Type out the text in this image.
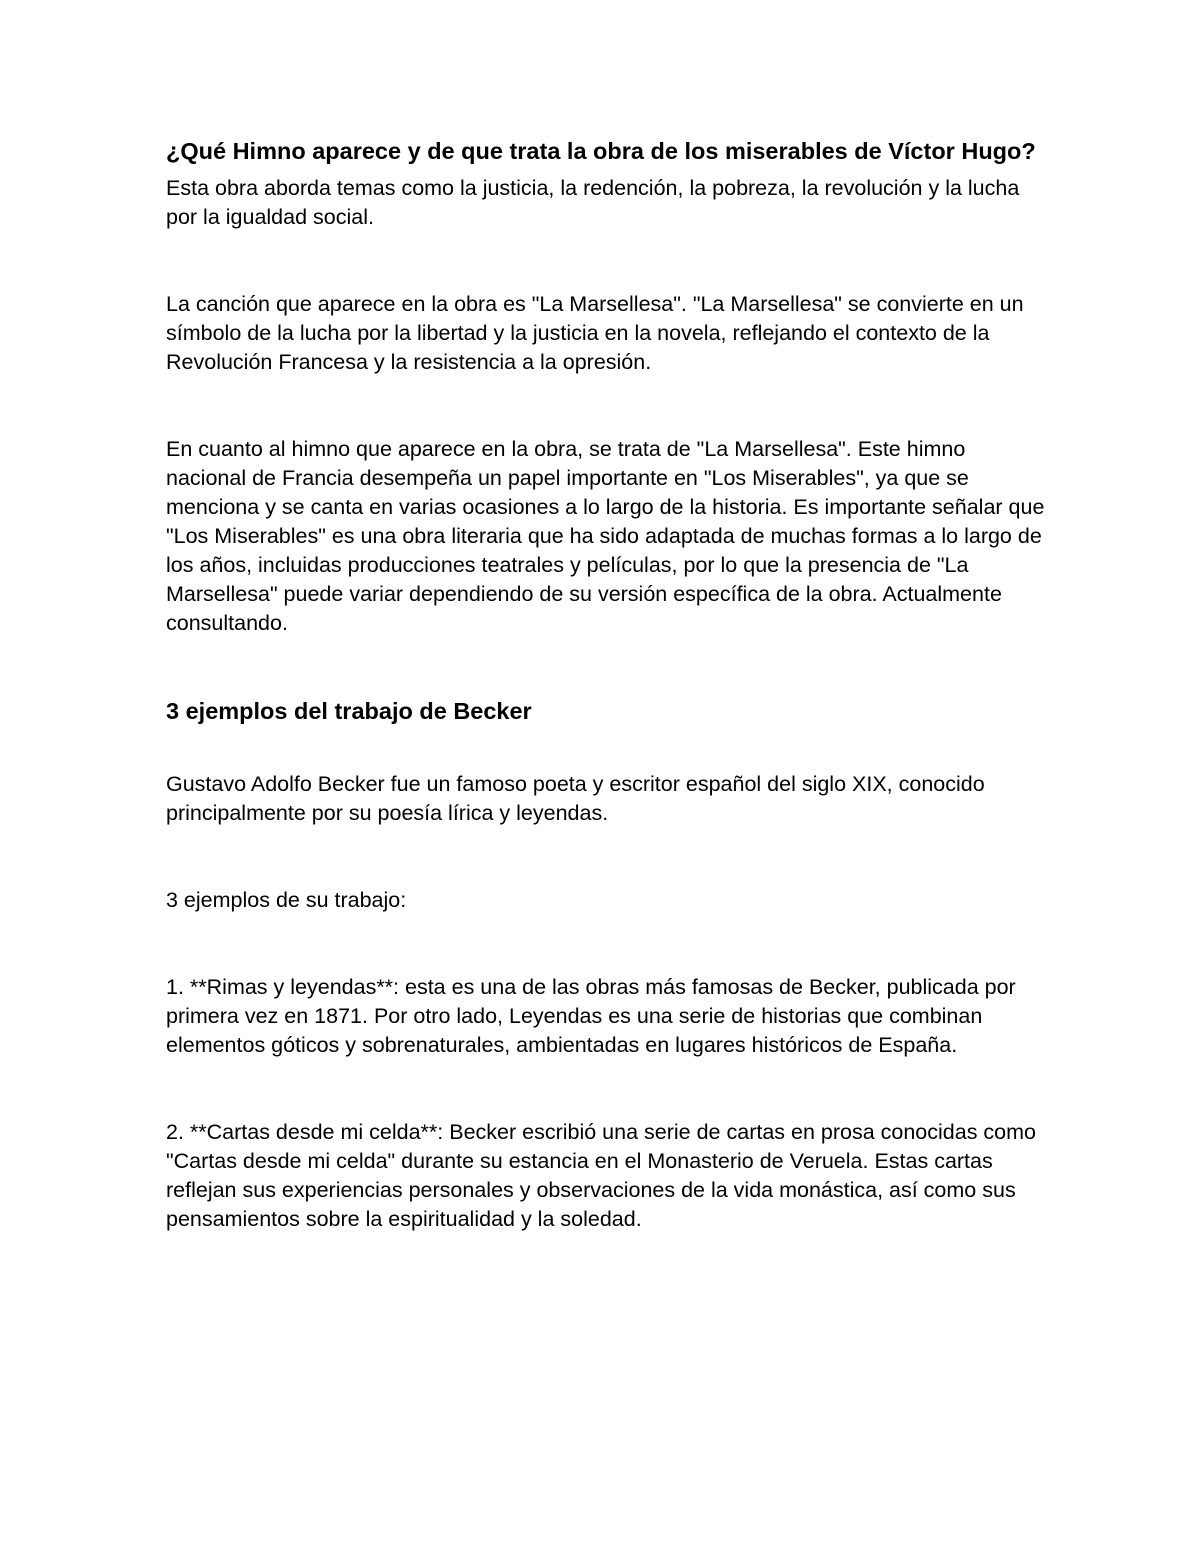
¿Qué Himno aparece y de que trata la obra de los miserables de Víctor Hugo?

Esta obra aborda temas como la justicia, la redención, la pobreza, la revolución y la lucha por la igualdad social.

La canción que aparece en la obra es "La Marsellesa". "La Marsellesa" se convierte en un símbolo de la lucha por la libertad y la justicia en la novela, reflejando el contexto de la Revolución Francesa y la resistencia a la opresión.

En cuanto al himno que aparece en la obra, se trata de "La Marsellesa". Este himno nacional de Francia desempeña un papel importante en "Los Miserables", ya que se menciona y se canta en varias ocasiones a lo largo de la historia. Es importante señalar que "Los Miserables" es una obra literaria que ha sido adaptada de muchas formas a lo largo de los años, incluidas producciones teatrales y películas, por lo que la presencia de "La Marsellesa" puede variar dependiendo de su versión específica de la obra. Actualmente consultando.

3 ejemplos del trabajo de Becker

Gustavo Adolfo Becker fue un famoso poeta y escritor español del siglo XIX, conocido principalmente por su poesía lírica y leyendas.

3 ejemplos de su trabajo:

1. **Rimas y leyendas**: esta es una de las obras más famosas de Becker, publicada por primera vez en 1871. Por otro lado, Leyendas es una serie de historias que combinan elementos góticos y sobrenaturales, ambientadas en lugares históricos de España.

2. **Cartas desde mi celda**: Becker escribió una serie de cartas en prosa conocidas como "Cartas desde mi celda" durante su estancia en el Monasterio de Veruela. Estas cartas reflejan sus experiencias personales y observaciones de la vida monástica, así como sus pensamientos sobre la espiritualidad y la soledad.
